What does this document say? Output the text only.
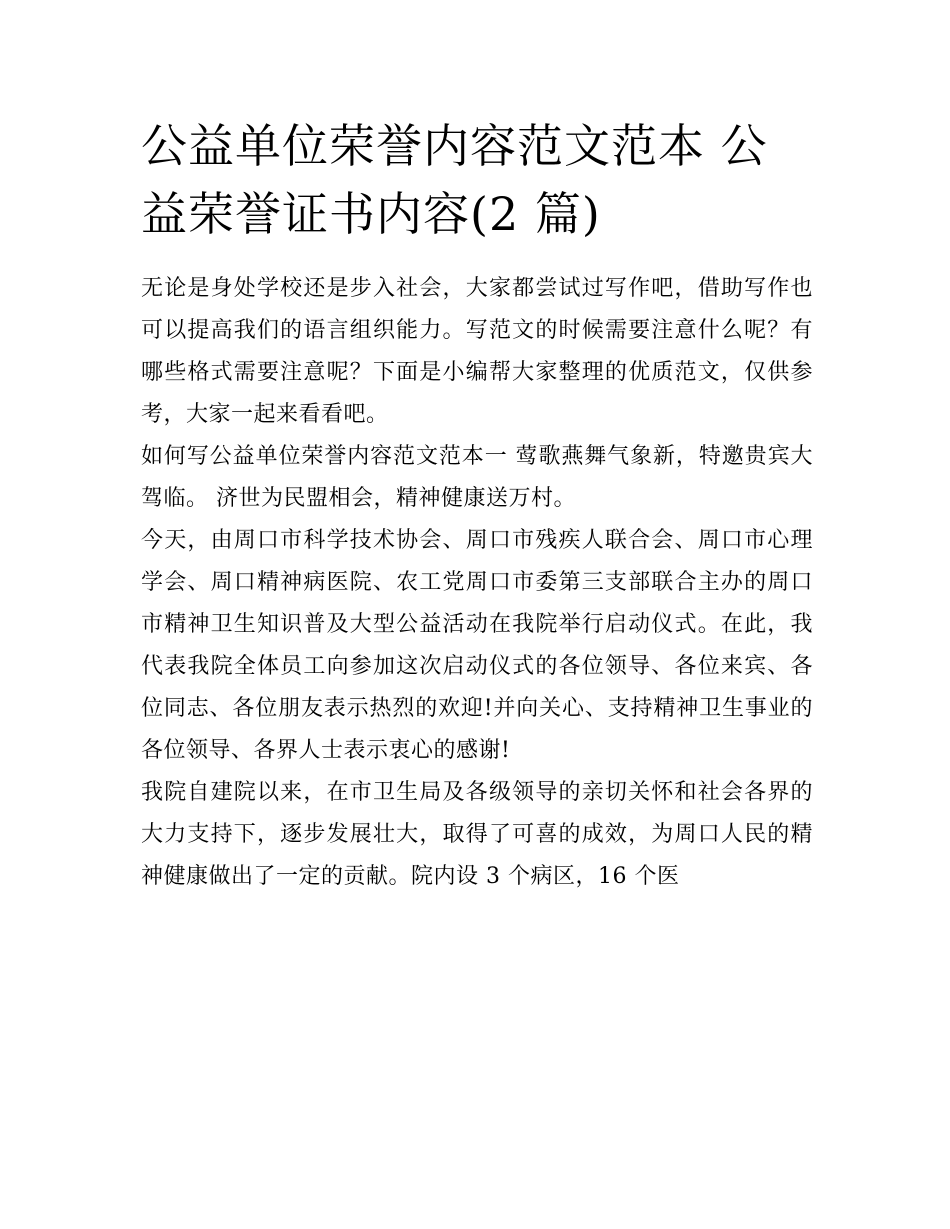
公益单位荣誉内容范文范本 公益荣誉证书内容(2 篇)

无论是身处学校还是步入社会，大家都尝试过写作吧，借助写作也可以提高我们的语言组织能力。写范文的时候需要注意什么呢？有哪些格式需要注意呢？下面是小编帮大家整理的优质范文，仅供参考，大家一起来看看吧。

如何写公益单位荣誉内容范文范本一 莺歌燕舞气象新，特邀贵宾大驾临。 济世为民盟相会，精神健康送万村。

今天，由周口市科学技术协会、周口市残疾人联合会、周口市心理学会、周口精神病医院、农工党周口市委第三支部联合主办的周口市精神卫生知识普及大型公益活动在我院举行启动仪式。在此，我代表我院全体员工向参加这次启动仪式的各位领导、各位来宾、各位同志、各位朋友表示热烈的欢迎!并向关心、支持精神卫生事业的各位领导、各界人士表示衷心的感谢!

我院自建院以来，在市卫生局及各级领导的亲切关怀和社会各界的大力支持下，逐步发展壮大，取得了可喜的成效，为周口人民的精神健康做出了一定的贡献。院内设 3 个病区，16 个医
